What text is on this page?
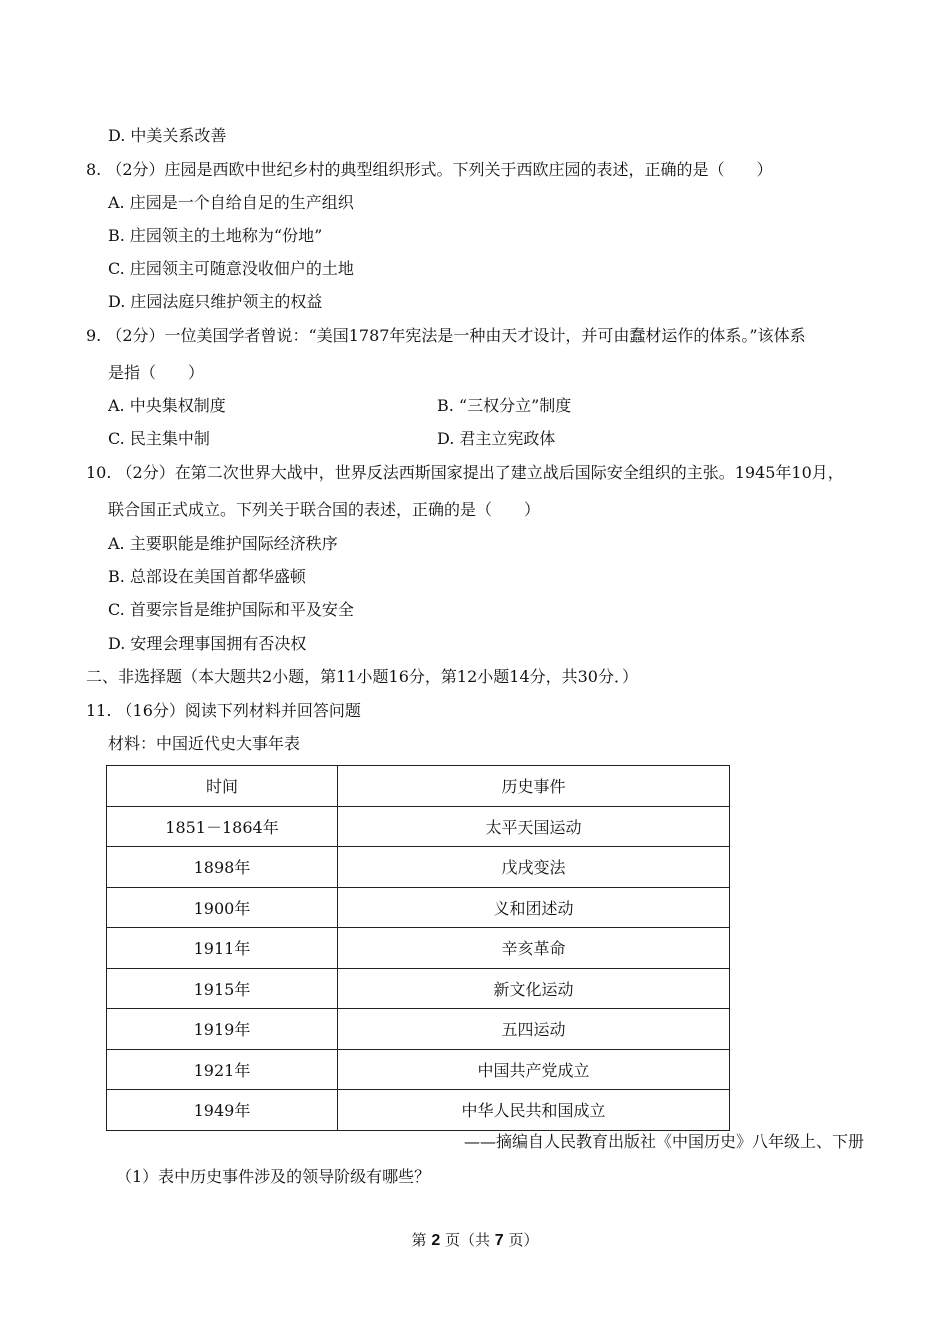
D. 中美关系改善
8. （2分）庄园是西欧中世纪乡村的典型组织形式。下列关于西欧庄园的表述，正确的是（　　）
A. 庄园是一个自给自足的生产组织
B. 庄园领主的土地称为“份地”
C. 庄园领主可随意没收佃户的土地
D. 庄园法庭只维护领主的权益
9. （2分）一位美国学者曾说：“美国1787年宪法是一种由天才设计，并可由蠢材运作的体系。”该体系
是指（　　）
A. 中央集权制度	B. “三权分立”制度
C. 民主集中制	D. 君主立宪政体
10. （2分）在第二次世界大战中，世界反法西斯国家提出了建立战后国际安全组织的主张。1945年10月，
联合国正式成立。下列关于联合国的表述，正确的是（　　）
A. 主要职能是维护国际经济秩序
B. 总部设在美国首都华盛顿
C. 首要宗旨是维护国际和平及安全
D. 安理会理事国拥有否决权
二、非选择题（本大题共2小题，第11小题16分，第12小题14分，共30分．）
11. （16分）阅读下列材料并回答问题
材料：中国近代史大事年表
时间	历史事件
1851－1864年	太平天国运动
1898年	戊戌变法
1900年	义和团述动
1911年	辛亥革命
1915年	新文化运动
1919年	五四运动
1921年	中国共产党成立
1949年	中华人民共和国成立
——摘编自人民教育出版社《中国历史》八年级上、下册
（1）表中历史事件涉及的领导阶级有哪些？
第 2 页（共 7 页）
